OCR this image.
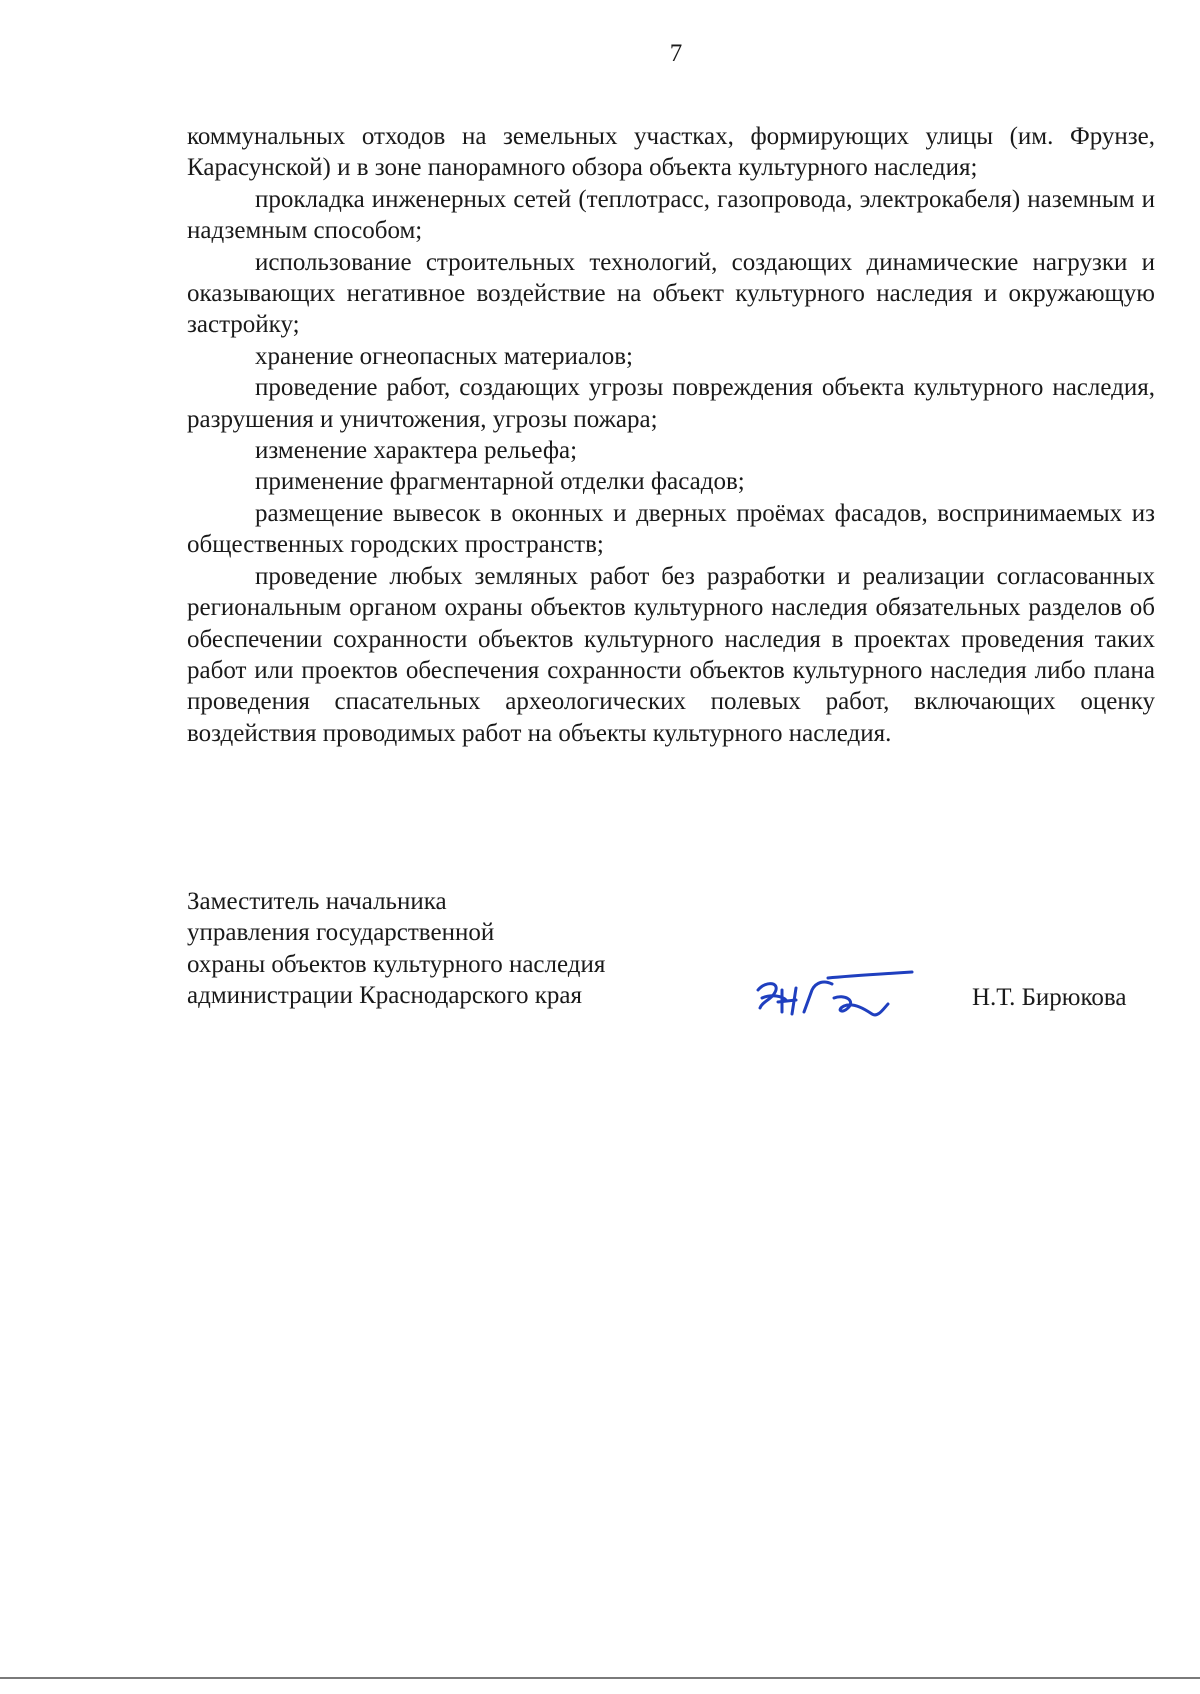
7

коммунальных отходов на земельных участках, формирующих улицы (им. Фрунзе, Карасунской) и в зоне панорамного обзора объекта культурного наследия;

прокладка инженерных сетей (теплотрасс, газопровода, электрокабеля) наземным и надземным способом;

использование строительных технологий, создающих динамические нагрузки и оказывающих негативное воздействие на объект культурного наследия и окружающую застройку;

хранение огнеопасных материалов;

проведение работ, создающих угрозы повреждения объекта культурного наследия, разрушения и уничтожения, угрозы пожара;

изменение характера рельефа;

применение фрагментарной отделки фасадов;

размещение вывесок в оконных и дверных проёмах фасадов, воспринимаемых из общественных городских пространств;

проведение любых земляных работ без разработки и реализации согласованных региональным органом охраны объектов культурного наследия обязательных разделов об обеспечении сохранности объектов культурного наследия в проектах проведения таких работ или проектов обеспечения сохранности объектов культурного наследия либо плана проведения спасательных археологических полевых работ, включающих оценку воздействия проводимых работ на объекты культурного наследия.

Заместитель начальника
управления государственной
охраны объектов культурного наследия
администрации Краснодарского края	Н.Т. Бирюкова
